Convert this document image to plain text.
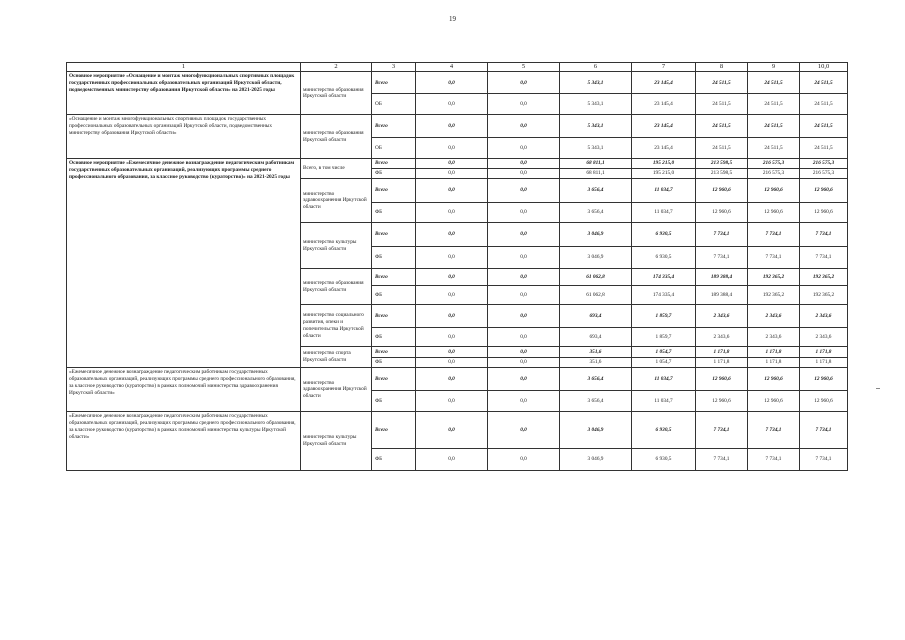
19
1	2	3	4	5	6	7	8	9	10,0

Основное мероприятие «Оснащение и монтаж многофункциональных спортивных площадок государственных профессиональных образовательных организаций Иркутской области, подведомственных министерству образования Иркутской области» на 2021-2025 годы	министерство образования Иркутской области	Всего	0,0	0,0	5 343,1	23 145,4	24 511,5	24 511,5	24 511,5
		ОБ	0,0	0,0	5 343,1	23 145,4	24 511,5	24 511,5	24 511,5

«Оснащение и монтаж многофункциональных спортивных площадок государственных профессиональных образовательных организаций Иркутской области, подведомственных министерству образования Иркутской области»	министерство образования Иркутской области	Всего	0,0	0,0	5 343,1	23 145,4	24 511,5	24 511,5	24 511,5
		ОБ	0,0	0,0	5 343,1	23 145,4	24 511,5	24 511,5	24 511,5

Основное мероприятие «Ежемесячное денежное вознаграждение педагогическим работникам государственных образовательных организаций, реализующих программы среднего профессионального образования, за классное руководство (кураторство)» на 2021-2025 годы	Всего, в том числе	Всего	0,0	0,0	68 811,1	195 215,0	213 598,5	216 575,3	216 575,3
		ФБ	0,0	0,0	68 811,1	195 215,0	213 598,5	216 575,3	216 575,3
	министерство здравоохранения Иркутской области	Всего	0,0	0,0	3 656,4	11 034,7	12 960,6	12 960,6	12 960,6
		ФБ	0,0	0,0	3 656,4	11 034,7	12 960,6	12 960,6	12 960,6
	министерство культуры Иркутской области	Всего	0,0	0,0	3 046,9	6 930,5	7 734,1	7 734,1	7 734,1
		ФБ	0,0	0,0	3 046,9	6 930,5	7 734,1	7 734,1	7 734,1
	министерство образования Иркутской области	Всего	0,0	0,0	61 062,8	174 335,4	189 388,4	192 365,2	192 365,2
		ФБ	0,0	0,0	61 062,8	174 335,4	189 388,4	192 365,2	192 365,2
	министерство социального развития, опеки и попечительства Иркутской области	Всего	0,0	0,0	693,4	1 859,7	2 343,6	2 343,6	2 343,6
		ФБ	0,0	0,0	693,4	1 859,7	2 343,6	2 343,6	2 343,6
	министерство спорта Иркутской области	Всего	0,0	0,0	351,6	1 054,7	1 171,8	1 171,8	1 171,8
		ФБ	0,0	0,0	351,6	1 054,7	1 171,8	1 171,8	1 171,8

«Ежемесячное денежное вознаграждение педагогическим работникам государственных образовательных организаций, реализующих программы среднего профессионального образования, за классное руководство (кураторство) в рамках полномочий министерства здравоохранения Иркутской области»	министерство здравоохранения Иркутской области	Всего	0,0	0,0	3 656,4	11 034,7	12 960,6	12 960,6	12 960,6
		ФБ	0,0	0,0	3 656,4	11 034,7	12 960,6	12 960,6	12 960,6

«Ежемесячное денежное вознаграждение педагогическим работникам государственных образовательных организаций, реализующих программы среднего профессионального образования, за классное руководство (кураторство) в рамках полномочий министерства культуры Иркутской области»	министерство культуры Иркутской области	Всего	0,0	0,0	3 046,9	6 930,5	7 734,1	7 734,1	7 734,1
		ФБ	0,0	0,0	3 046,9	6 930,5	7 734,1	7 734,1	7 734,1
